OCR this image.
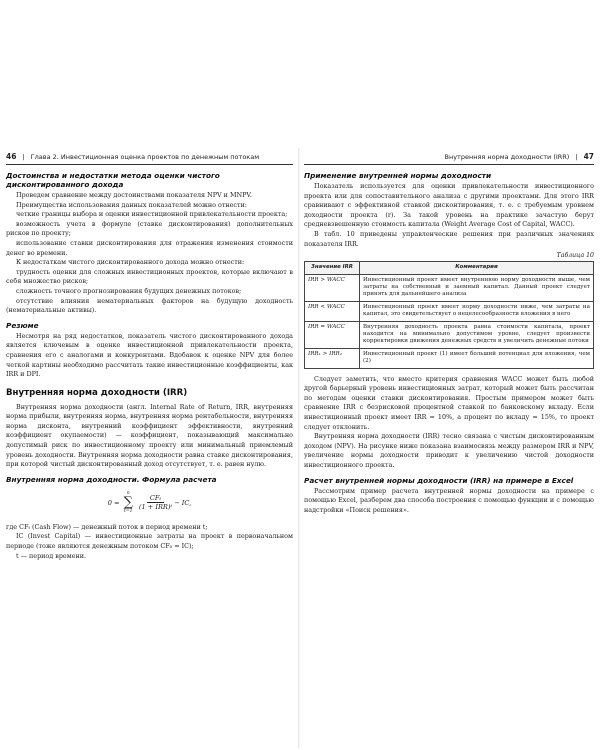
46 | Глава 2. Инвестиционная оценка проектов по денежным потокам
Достоинства и недостатки метода оценки чистого дисконтированного дохода

Проведем сравнение между достоинствами показателя NPV и MNPV.

Преимущества использования данных показателей можно отнести:

четкие границы выбора и оценки инвестиционной привлекательности проекта;

возможность учета в формуле (ставке дисконтирования) дополнительных рисков по проекту;

использование ставки дисконтирования для отражения изменения стоимости денег во времени.

К недостаткам чистого дисконтированного дохода можно отнести:

трудность оценки для сложных инвестиционных проектов, которые включают в себя множество рисков;

сложность точного прогнозирования будущих денежных потоков;

отсутствие влияния нематериальных факторов на будущую доходность (нематериальные активы).

Резюме

Несмотря на ряд недостатков, показатель чистого дисконтированного дохода является ключевым в оценке инвестиционной привлекательности проекта, сравнения его с аналогами и конкурентами. Вдобавок к оценке NPV для более четкой картины необходимо рассчитать такие инвестиционные коэффициенты, как IRR и DPI.

Внутренняя норма доходности (IRR)

Внутренняя норма доходности (англ. Internal Rate of Return, IRR, внутренняя норма прибыли, внутренняя норма, внутренняя норма рентабельности, внутренняя норма дисконта, внутренний коэффициент эффективности, внутренний коэффициент окупаемости) — коэффициент, показывающий максимально допустимый риск по инвестиционному проекту или минимальный приемлемый уровень доходности. Внутренняя норма доходности равна ставке дисконтирования, при которой чистый дисконтированный доход отсутствует, т. е. равен нулю.

Внутренняя норма доходности. Формула расчета
0 =
n
∑
$t=1 \frac{\text{CFₜ}}{\text{(1 + IRR)ᵗ}}$ − IC,

где CFₜ (Cash Flow) — денежный поток в период времени t;

IC (Invest Capital) — инвестиционные затраты на проект в первоначальном периоде (тоже являются денежным потоком CF₀ = IC);

t — период времени.

Внутренняя норма доходности (IRR) | 47
Применение внутренней нормы доходности

Показатель используется для оценки привлекательности инвестиционного проекта или для сопоставительного анализа с другими проектами. Для этого IRR сравнивают с эффективной ставкой дисконтирования, т. е. с требуемым уровнем доходности проекта (r). За такой уровень на практике зачастую берут средневзвешенную стоимость капитала (Weight Average Cost of Capital, WACC).

В табл. 10 приведены управленческие решения при различных значениях показателя IRR.

Таблица 10
Значение IRR	Комментарии
IRR > WACC	Инвестиционный проект имеет внутреннюю норму доходности выше, чем затраты на собственный и заемный капитал. Данный проект следует принять для дальнейшего анализа
IRR < WACC	Инвестиционный проект имеет норму доходности ниже, чем затраты на капитал, это свидетельствует о нецелесообразности вложения в него
IRR = WACC	Внутренняя доходность проекта равна стоимости капитала, проект находится на минимально допустимом уровне, следует произвести корректировки движения денежных средств и увеличить денежные потоки
IRR₁ > IRR₂	Инвестиционный проект (1) имеет больший потенциал для вложения, чем (2)

Следует заметить, что вместо критерия сравнения WACC может быть любой другой барьерный уровень инвестиционных затрат, который может быть рассчитан по методам оценки ставки дисконтирования. Простым примером может быть сравнение IRR с безрисковой процентной ставкой по банковскому вкладу. Если инвестиционный проект имеет IRR = 10%, а процент по вкладу = 15%, то проект следует отклонить.

Внутренняя норма доходности (IRR) тесно связана с чистым дисконтированным доходом (NPV). На рисунке ниже показана взаимосвязь между размером IRR и NPV, увеличение нормы доходности приводит к увеличению чистой доходности инвестиционного проекта.

Расчет внутренней нормы доходности (IRR) на примере в Excel

Рассмотрим пример расчета внутренней нормы доходности на примере с помощью Excel, разберем два способа построения с помощью функции и с помощью надстройки «Поиск решения».
